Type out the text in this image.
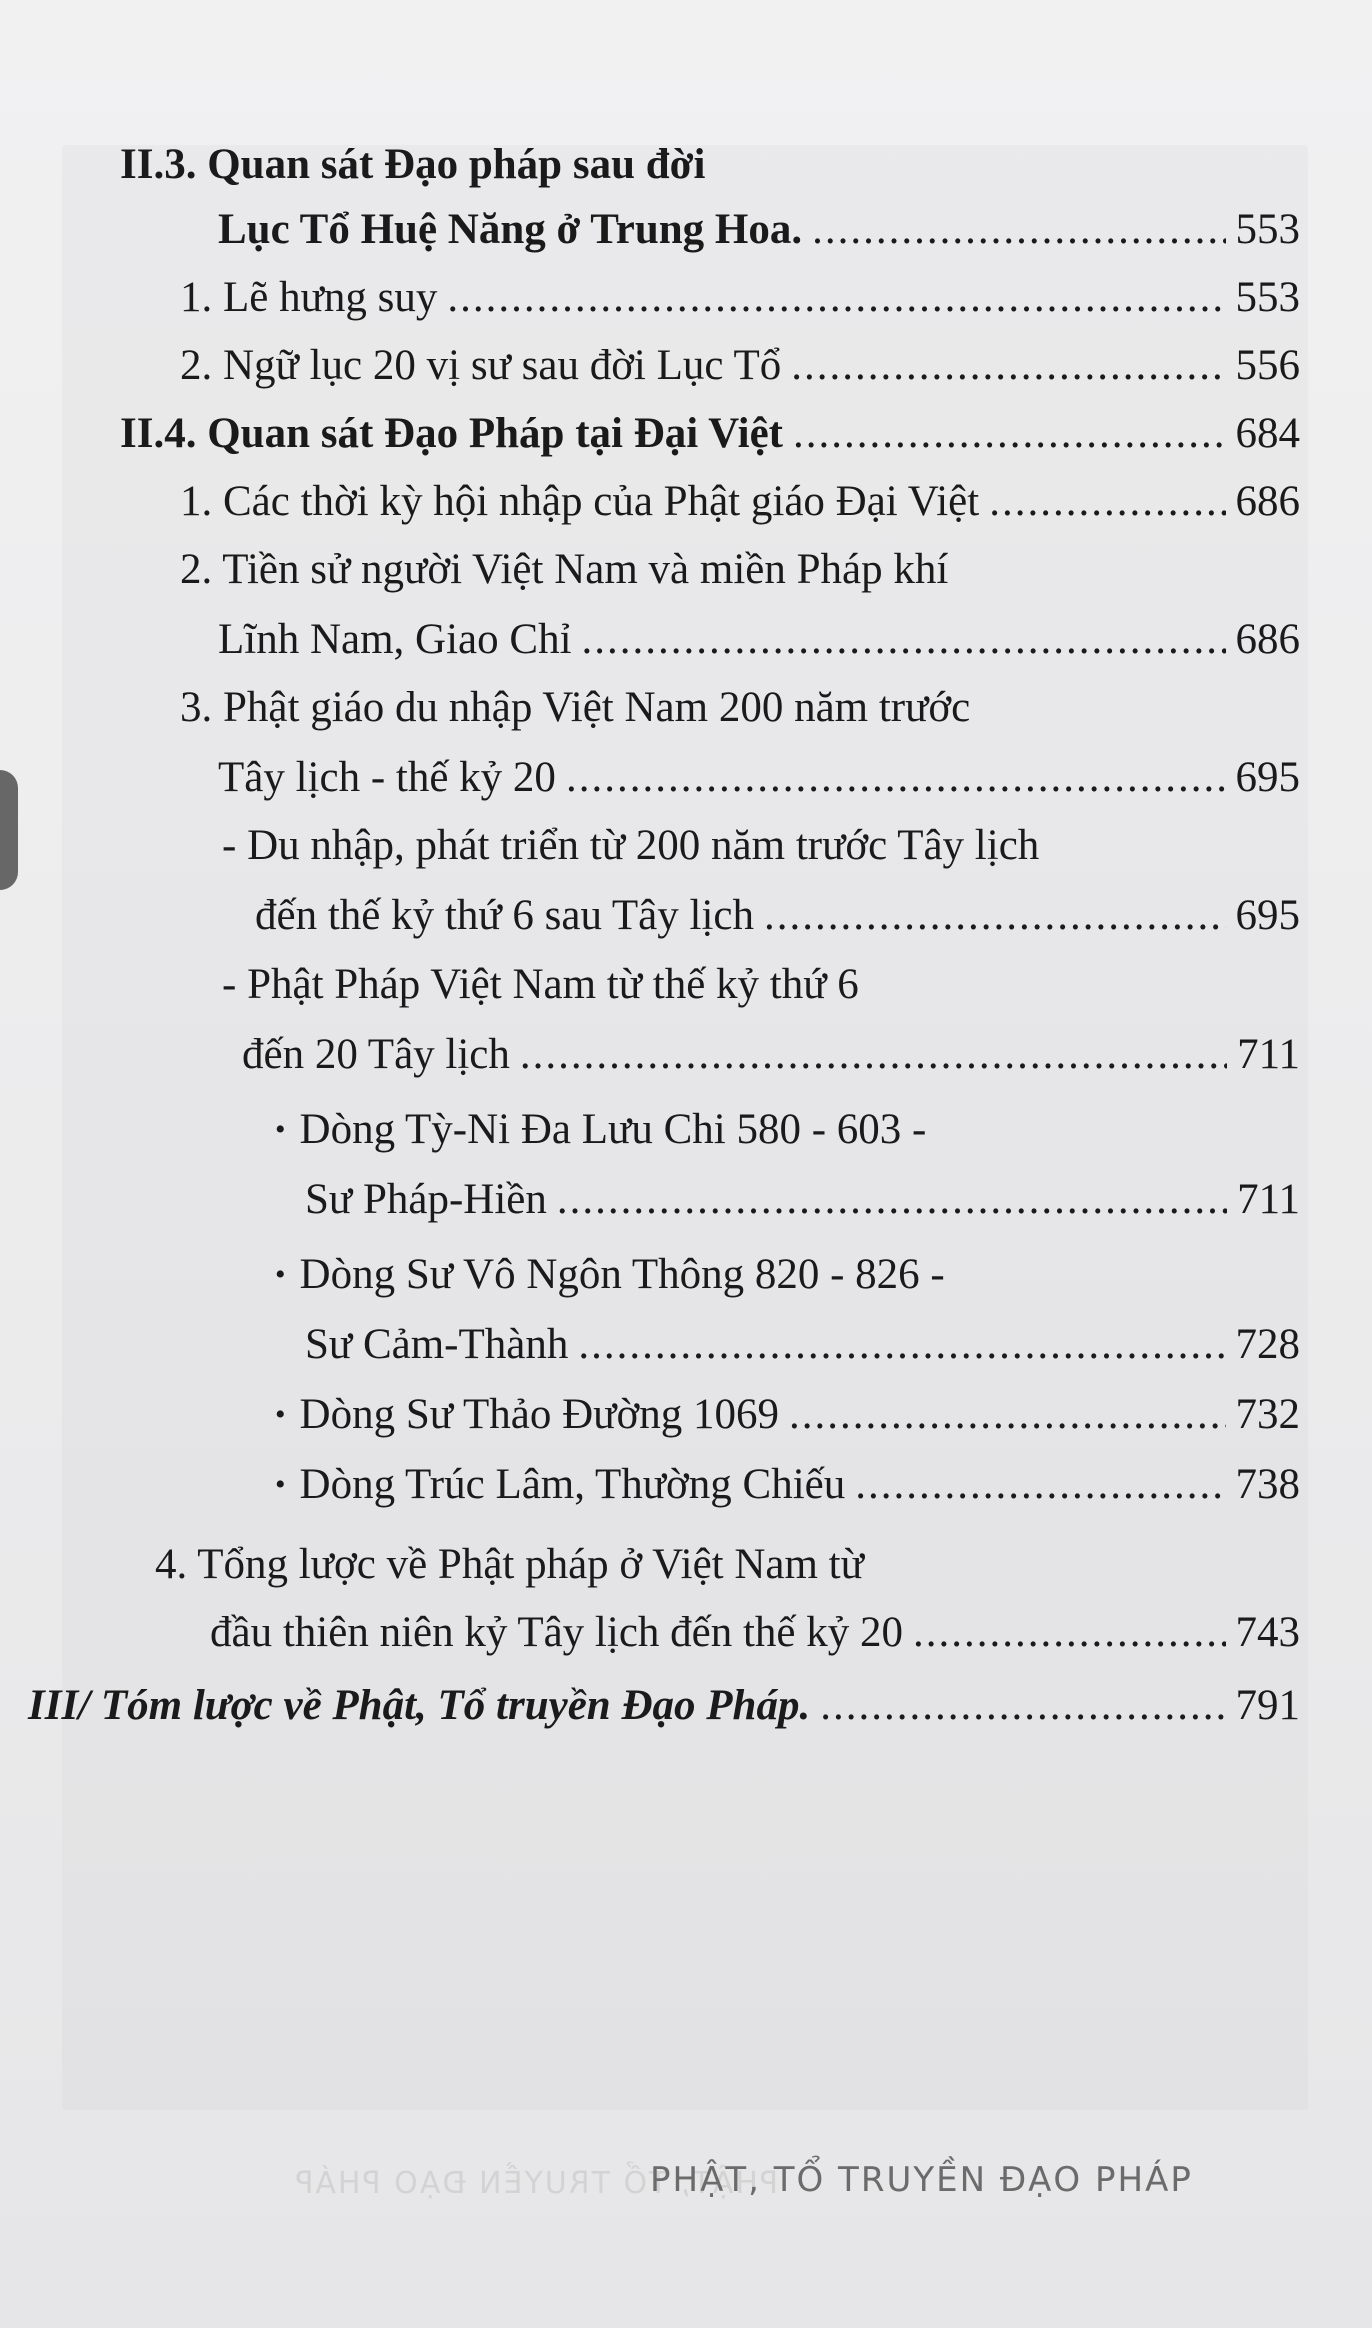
II.3. Quan sát Đạo pháp sau đời
Lục Tổ Huệ Năng ở Trung Hoa. .....	553
1. Lẽ hưng suy .....	553
2. Ngữ lục 20 vị sư sau đời Lục Tổ .....	556
II.4. Quan sát Đạo Pháp tại Đại Việt .....	684
1. Các thời kỳ hội nhập của Phật giáo Đại Việt .....	686
2. Tiền sử người Việt Nam và miền Pháp khí
Lĩnh Nam, Giao Chỉ .....	686
3. Phật giáo du nhập Việt Nam 200 năm trước
Tây lịch - thế kỷ 20 .....	695
- Du nhập, phát triển từ 200 năm trước Tây lịch
đến thế kỷ thứ 6 sau Tây lịch .....	695
- Phật Pháp Việt Nam từ thế kỷ thứ 6
đến 20 Tây lịch .....	711
• Dòng Tỳ-Ni Đa Lưu Chi 580 - 603 -
Sư Pháp-Hiền .....	711
• Dòng Sư Vô Ngôn Thông 820 - 826 -
Sư Cảm-Thành .....	728
• Dòng Sư Thảo Đường 1069 .....	732
• Dòng Trúc Lâm, Thường Chiếu .....	738
4. Tổng lược về Phật pháp ở Việt Nam từ
đầu thiên niên kỷ Tây lịch đến thế kỷ 20 .....	743
III/ Tóm lược về Phật, Tổ truyền Đạo Pháp. .....	791
PHẬT, TỔ TRUYỀN ĐẠO PHÁP
PHẬT, TỔ TRUYỀN ĐẠO PHÁP
